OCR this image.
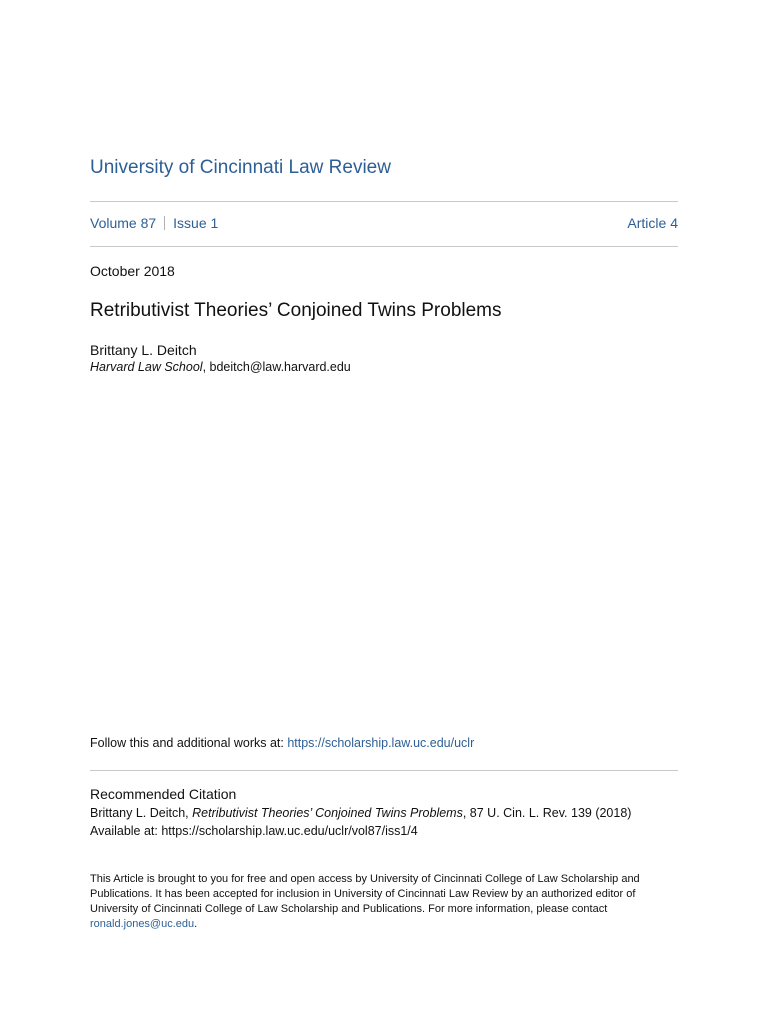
University of Cincinnati Law Review
Volume 87 Issue 1	Article 4
October 2018
Retributivist Theories’ Conjoined Twins Problems
Brittany L. Deitch
Harvard Law School, bdeitch@law.harvard.edu
Follow this and additional works at: https://scholarship.law.uc.edu/uclr
Recommended Citation
Brittany L. Deitch, Retributivist Theories’ Conjoined Twins Problems, 87 U. Cin. L. Rev. 139 (2018)
Available at: https://scholarship.law.uc.edu/uclr/vol87/iss1/4
This Article is brought to you for free and open access by University of Cincinnati College of Law Scholarship and
Publications. It has been accepted for inclusion in University of Cincinnati Law Review by an authorized editor of
University of Cincinnati College of Law Scholarship and Publications. For more information, please contact
ronald.jones@uc.edu.
